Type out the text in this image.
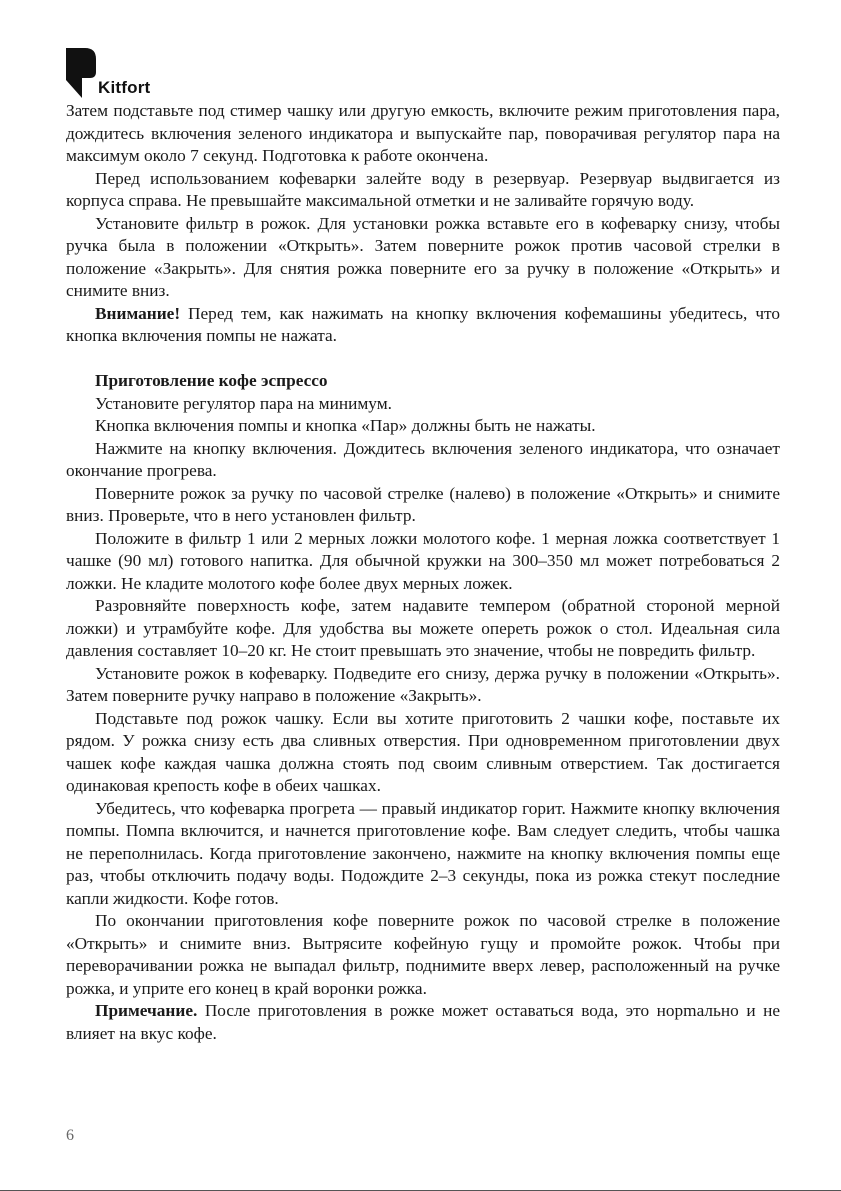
Kitfort

Затем подставьте под стимер чашку или другую емкость, включите режим приготовления пара, дождитесь включения зеленого индикатора и выпускайте пар, поворачивая регулятор пара на максимум около 7 секунд. Подготовка к работе окончена.

Перед использованием кофеварки залейте воду в резервуар. Резервуар выдвигается из корпуса справа. Не превышайте максимальной отметки и не заливайте горячую воду.

Установите фильтр в рожок. Для установки рожка вставьте его в кофеварку снизу, чтобы ручка была в положении «Открыть». Затем поверните рожок против часовой стрелки в положение «Закрыть». Для снятия рожка поверните его за ручку в положение «Открыть» и снимите вниз.

Внимание! Перед тем, как нажимать на кнопку включения кофемашины убедитесь, что кнопка включения помпы не нажата.

Приготовление кофе эспрессо

Установите регулятор пара на минимум.

Кнопка включения помпы и кнопка «Пар» должны быть не нажаты.

Нажмите на кнопку включения. Дождитесь включения зеленого индикатора, что означает окончание прогрева.

Поверните рожок за ручку по часовой стрелке (налево) в положение «Открыть» и снимите вниз. Проверьте, что в него установлен фильтр.

Положите в фильтр 1 или 2 мерных ложки молотого кофе. 1 мерная ложка соответствует 1 чашке (90 мл) готового напитка. Для обычной кружки на 300–350 мл может потребоваться 2 ложки. Не кладите молотого кофе более двух мерных ложек.

Разровняйте поверхность кофе, затем надавите темпером (обратной стороной мерной ложки) и утрамбуйте кофе. Для удобства вы можете опереть рожок о стол. Идеальная сила давления составляет 10–20 кг. Не стоит превышать это значение, чтобы не повредить фильтр.

Установите рожок в кофеварку. Подведите его снизу, держа ручку в положении «Открыть». Затем поверните ручку направо в положение «Закрыть».

Подставьте под рожок чашку. Если вы хотите приготовить 2 чашки кофе, поставьте их рядом. У рожка снизу есть два сливных отверстия. При одновременном приготовлении двух чашек кофе каждая чашка должна стоять под своим сливным отверстием. Так достигается одинаковая крепость кофе в обеих чашках.

Убедитесь, что кофеварка прогрета — правый индикатор горит. Нажмите кнопку включения помпы. Помпа включится, и начнется приготовление кофе. Вам следует следить, чтобы чашка не переполнилась. Когда приготовление закончено, нажмите на кнопку включения помпы еще раз, чтобы отключить подачу воды. Подождите 2–3 секунды, пока из рожка стекут последние капли жидкости. Кофе готов.

По окончании приготовления кофе поверните рожок по часовой стрелке в положение «Открыть» и снимите вниз. Вытрясите кофейную гущу и промойте рожок. Чтобы при переворачивании рожка не выпадал фильтр, поднимите вверх левер, расположенный на ручке рожка, и уприте его конец в край воронки рожка.

Примечание. После приготовления в рожке может оставаться вода, это норmально и не влияет на вкус кофе.

6
